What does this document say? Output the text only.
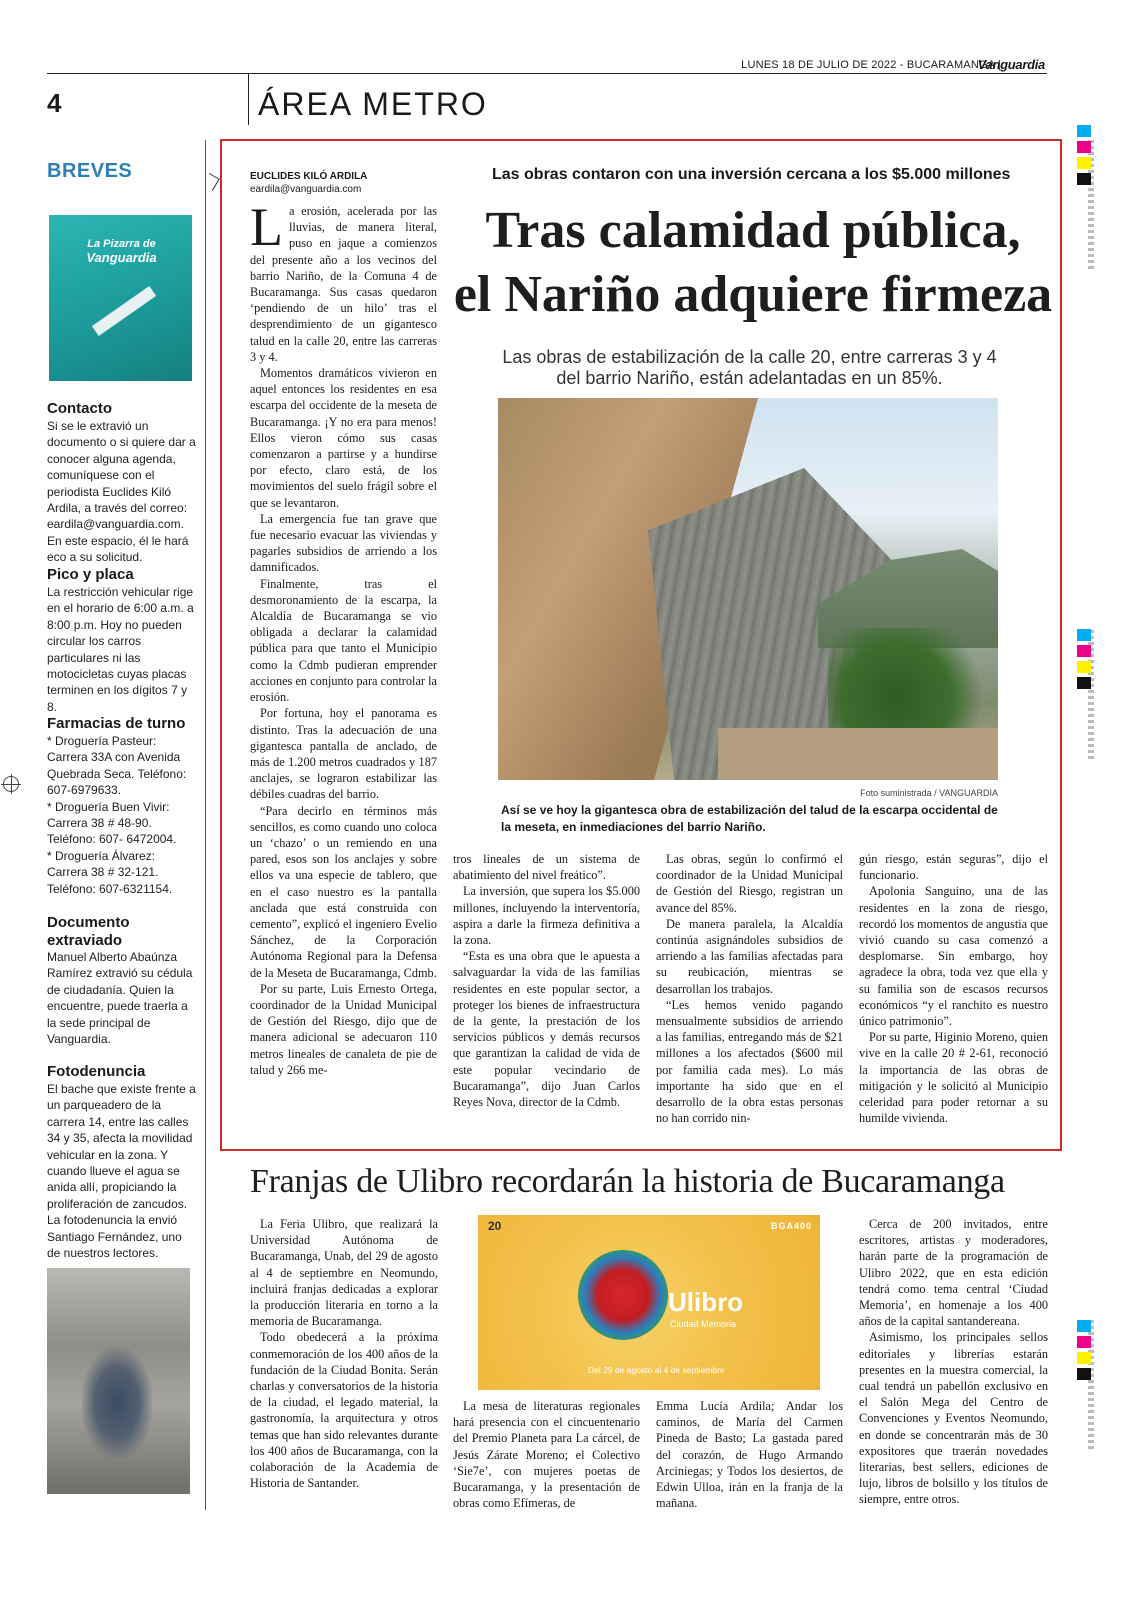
LUNES 18 DE JULIO DE 2022 - BUCARAMANGA |
Vanguardia
4	ÁREA METRO
BREVES
La Pizarra de
Vanguardia
Contacto
Si se le extravió un documento o si quiere dar a conocer alguna agenda, comuníquese con el periodista Euclides Kiló Ardila, a través del correo: eardila@vanguardia.com. En este espacio, él le hará eco a su solicitud.
Pico y placa
La restricción vehicular rige en el horario de 6:00 a.m. a 8:00 p.m. Hoy no pueden circular los carros particulares ni las motocicletas cuyas placas terminen en los dígitos 7 y 8.
Farmacias de turno
* Droguería Pasteur: Carrera 33A con Avenida Quebrada Seca. Teléfono: 607-6979633.
* Droguería Buen Vivir: Carrera 38 # 48-90. Teléfono: 607- 6472004.
* Droguería Álvarez: Carrera 38 # 32-121. Teléfono: 607-6321154.
Documento extraviado
Manuel Alberto Abaúnza Ramírez extravió su cédula de ciudadanía. Quien la encuentre, puede traerla a la sede principal de Vanguardia.
Fotodenuncia
El bache que existe frente a un parqueadero de la carrera 14, entre las calles 34 y 35, afecta la movilidad vehicular en la zona. Y cuando llueve el agua se anida allí, propiciando la proliferación de zancudos. La fotodenuncia la envió Santiago Fernández, uno de nuestros lectores.
EUCLIDES KILÓ ARDILA
eardila@vanguardia.com
Las obras contaron con una inversión cercana a los $5.000 millones
Tras calamidad pública,
el Nariño adquiere firmeza
Las obras de estabilización de la calle 20, entre carreras 3 y 4 del barrio Nariño, están adelantadas en un 85%.

La erosión, acelerada por las lluvias, de manera literal, puso en jaque a comienzos del presente año a los vecinos del barrio Nariño, de la Comuna 4 de Bucaramanga. Sus casas quedaron ‘pendiendo de un hilo’ tras el desprendimiento de un gigantesco talud en la calle 20, entre las carreras 3 y 4.

Momentos dramáticos vivieron en aquel entonces los residentes en esa escarpa del occidente de la meseta de Bucaramanga. ¡Y no era para menos! Ellos vieron cómo sus casas comenzaron a partirse y a hundirse por efecto, claro está, de los movimientos del suelo frágil sobre el que se levantaron.

La emergencia fue tan grave que fue necesario evacuar las viviendas y pagarles subsidios de arriendo a los damnificados.

Finalmente, tras el desmoronamiento de la escarpa, la Alcaldía de Bucaramanga se vio obligada a declarar la calamidad pública para que tanto el Municipio como la Cdmb pudieran emprender acciones en conjunto para controlar la erosión.

Por fortuna, hoy el panorama es distinto. Tras la adecuación de una gigantesca pantalla de anclado, de más de 1.200 metros cuadrados y 187 anclajes, se lograron estabilizar las débiles cuadras del barrio.

“Para decirlo en términos más sencillos, es como cuando uno coloca un ‘chazo’ o un remiendo en una pared, esos son los anclajes y sobre ellos va una especie de tablero, que en el caso nuestro es la pantalla anclada que está construida con cemento”, explicó el ingeniero Evelio Sánchez, de la Corporación Autónoma Regional para la Defensa de la Meseta de Bucaramanga, Cdmb.

Por su parte, Luis Ernesto Ortega, coordinador de la Unidad Municipal de Gestión del Riesgo, dijo que de manera adicional se adecuaron 110 metros lineales de canaleta de pie de talud y 266 me-

Foto suministrada / VANGUARDIA
Así se ve hoy la gigantesca obra de estabilización del talud de la escarpa occidental de la meseta, en inmediaciones del barrio Nariño.

tros lineales de un sistema de abatimiento del nivel freático”.

La inversión, que supera los $5.000 millones, incluyendo la interventoría, aspira a darle la firmeza definitiva a la zona.

“Esta es una obra que le apuesta a salvaguardar la vida de las familias residentes en este popular sector, a proteger los bienes de infraestructura de la gente, la prestación de los servicios públicos y demás recursos que garantizan la calidad de vida de este popular vecindario de Bucaramanga”, dijo Juan Carlos Reyes Nova, director de la Cdmb.

Las obras, según lo confirmó el coordinador de la Unidad Municipal de Gestión del Riesgo, registran un avance del 85%.

De manera paralela, la Alcaldía continúa asignándoles subsidios de arriendo a las familias afectadas para su reubicación, mientras se desarrollan los trabajos.

“Les hemos venido pagando mensualmente subsidios de arriendo a las familias, entregando más de $21 millones a los afectados ($600 mil por familia cada mes). Lo más importante ha sido que en el desarrollo de la obra estas personas no han corrido nin-

gún riesgo, están seguras”, dijo el funcionario.

Apolonia Sanguino, una de las residentes en la zona de riesgo, recordó los momentos de angustia que vivió cuando su casa comenzó a desplomarse. Sin embargo, hoy agradece la obra, toda vez que ella y su familia son de escasos recursos económicos “y el ranchito es nuestro único patrimonio”.

Por su parte, Higinio Moreno, quien vive en la calle 20 # 2-61, reconoció la importancia de las obras de mitigación y le solicitó al Municipio celeridad para poder retornar a su humilde vivienda.

Franjas de Ulibro recordarán la historia de Bucaramanga

La Feria Ulibro, que realizará la Universidad Autónoma de Bucaramanga, Unab, del 29 de agosto al 4 de septiembre en Neomundo, incluirá franjas dedicadas a explorar la producción literaria en torno a la memoria de Bucaramanga.

Todo obedecerá a la próxima conmemoración de los 400 años de la fundación de la Ciudad Bonita. Serán charlas y conversatorios de la historia de la ciudad, el legado material, la gastronomía, la arquitectura y otros temas que han sido relevantes durante los 400 años de Bucaramanga, con la colaboración de la Academia de Historia de Santander.

20	BGA400
Ulibro
Ciudad Memoria
Del 29 de agosto al 4 de septiembre

La mesa de literaturas regionales hará presencia con el cincuentenario del Premio Planeta para La cárcel, de Jesús Zárate Moreno; el Colectivo ‘Sie7e’, con mujeres poetas de Bucaramanga, y la presentación de obras como Efímeras, de

Emma Lucía Ardila; Andar los caminos, de María del Carmen Pineda de Basto; La gastada pared del corazón, de Hugo Armando Arciniegas; y Todos los desiertos, de Edwin Ulloa, irán en la franja de la mañana.

Cerca de 200 invitados, entre escritores, artistas y moderadores, harán parte de la programación de Ulibro 2022, que en esta edición tendrá como tema central ‘Ciudad Memoria’, en homenaje a los 400 años de la capital santandereana.

Asimismo, los principales sellos editoriales y librerías estarán presentes en la muestra comercial, la cual tendrá un pabellón exclusivo en el Salón Mega del Centro de Convenciones y Eventos Neomundo, en donde se concentrarán más de 30 expositores que traerán novedades literarias, best sellers, ediciones de lujo, libros de bolsillo y los títulos de siempre, entre otros.
